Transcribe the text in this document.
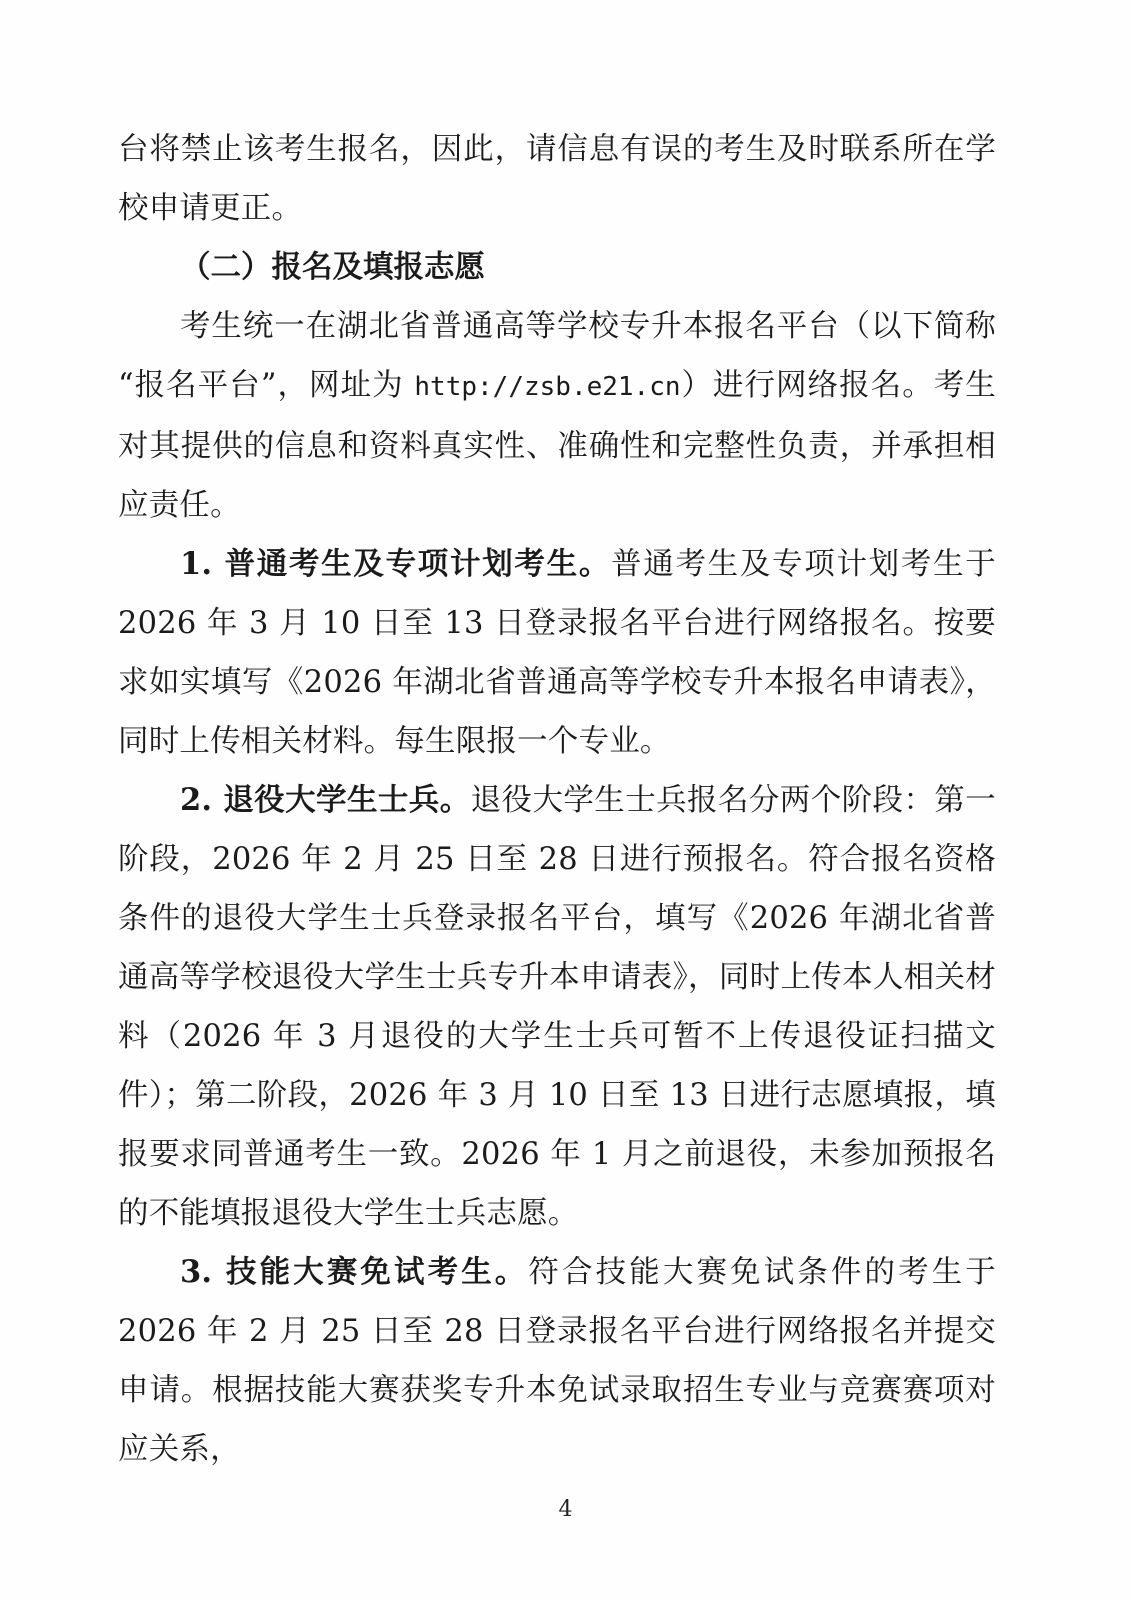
台将禁止该考生报名，因此，请信息有误的考生及时联系所在学校申请更正。

（二）报名及填报志愿

考生统一在湖北省普通高等学校专升本报名平台（以下简称“报名平台”，网址为 http://zsb.e21.cn）进行网络报名。考生对其提供的信息和资料真实性、准确性和完整性负责，并承担相应责任。

1. 普通考生及专项计划考生。普通考生及专项计划考生于 2026 年 3 月 10 日至 13 日登录报名平台进行网络报名。按要求如实填写《2026 年湖北省普通高等学校专升本报名申请表》，同时上传相关材料。每生限报一个专业。

2. 退役大学生士兵。退役大学生士兵报名分两个阶段：第一阶段，2026 年 2 月 25 日至 28 日进行预报名。符合报名资格条件的退役大学生士兵登录报名平台，填写《2026 年湖北省普通高等学校退役大学生士兵专升本申请表》，同时上传本人相关材料（2026 年 3 月退役的大学生士兵可暂不上传退役证扫描文件）；第二阶段，2026 年 3 月 10 日至 13 日进行志愿填报，填报要求同普通考生一致。2026 年 1 月之前退役，未参加预报名的不能填报退役大学生士兵志愿。

3. 技能大赛免试考生。符合技能大赛免试条件的考生于 2026 年 2 月 25 日至 28 日登录报名平台进行网络报名并提交申请。根据技能大赛获奖专升本免试录取招生专业与竞赛赛项对应关系，

4
